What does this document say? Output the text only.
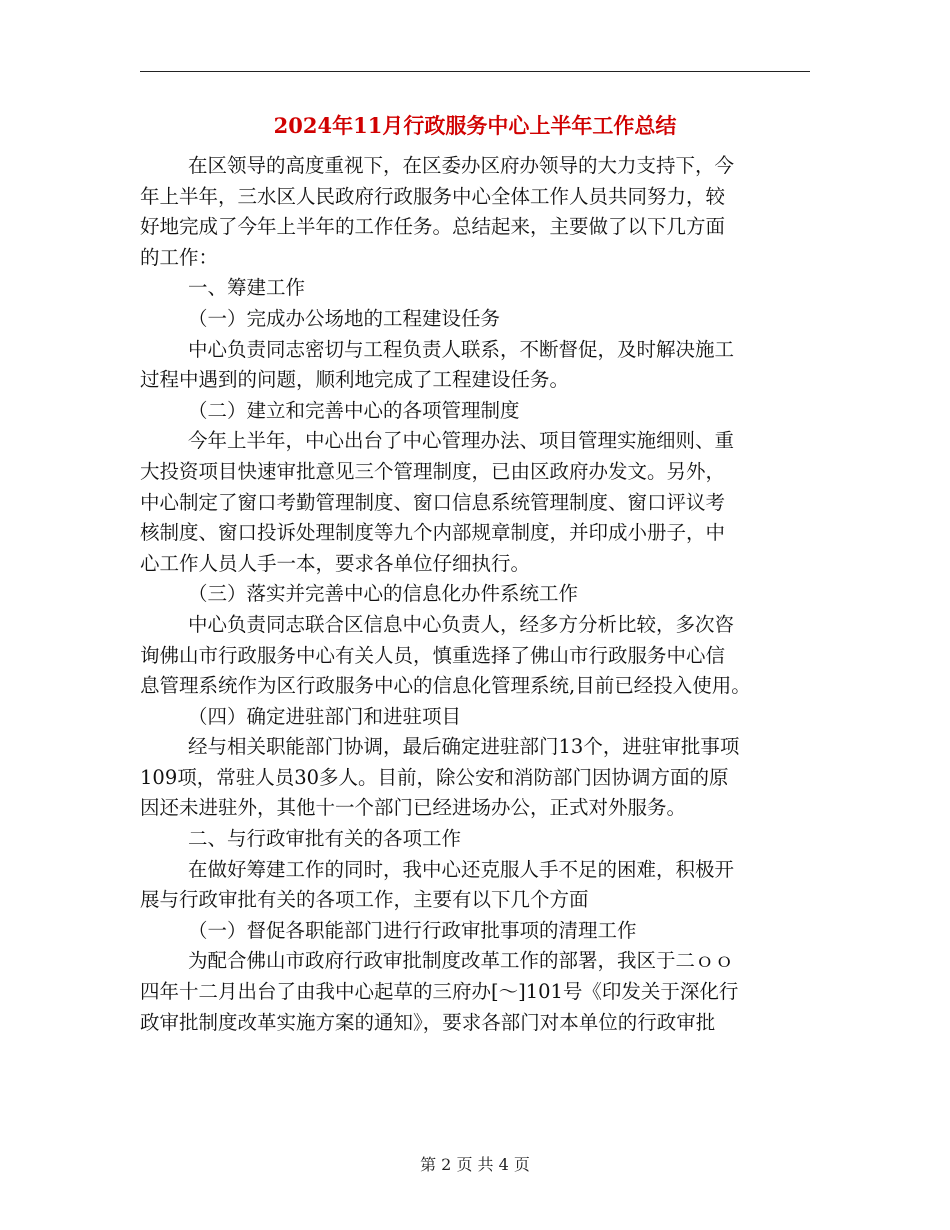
2024年11月行政服务中心上半年工作总结
在区领导的高度重视下，在区委办区府办领导的大力支持下，今
年上半年，三水区人民政府行政服务中心全体工作人员共同努力，较
好地完成了今年上半年的工作任务。总结起来，主要做了以下几方面
的工作：
一、筹建工作
（一）完成办公场地的工程建设任务
中心负责同志密切与工程负责人联系，不断督促，及时解决施工
过程中遇到的问题，顺利地完成了工程建设任务。
（二）建立和完善中心的各项管理制度
今年上半年，中心出台了中心管理办法、项目管理实施细则、重
大投资项目快速审批意见三个管理制度，已由区政府办发文。另外，
中心制定了窗口考勤管理制度、窗口信息系统管理制度、窗口评议考
核制度、窗口投诉处理制度等九个内部规章制度，并印成小册子，中
心工作人员人手一本，要求各单位仔细执行。
（三）落实并完善中心的信息化办件系统工作
中心负责同志联合区信息中心负责人，经多方分析比较，多次咨
询佛山市行政服务中心有关人员，慎重选择了佛山市行政服务中心信
息管理系统作为区行政服务中心的信息化管理系统,目前已经投入使用。
（四）确定进驻部门和进驻项目
经与相关职能部门协调，最后确定进驻部门13个，进驻审批事项
109项，常驻人员30多人。目前，除公安和消防部门因协调方面的原
因还未进驻外，其他十一个部门已经进场办公，正式对外服务。
二、与行政审批有关的各项工作
在做好筹建工作的同时，我中心还克服人手不足的困难，积极开
展与行政审批有关的各项工作，主要有以下几个方面
（一）督促各职能部门进行行政审批事项的清理工作
为配合佛山市政府行政审批制度改革工作的部署，我区于二ｏｏ
四年十二月出台了由我中心起草的三府办[～]101号《印发关于深化行
政审批制度改革实施方案的通知》，要求各部门对本单位的行政审批
第 2 页 共 4 页
